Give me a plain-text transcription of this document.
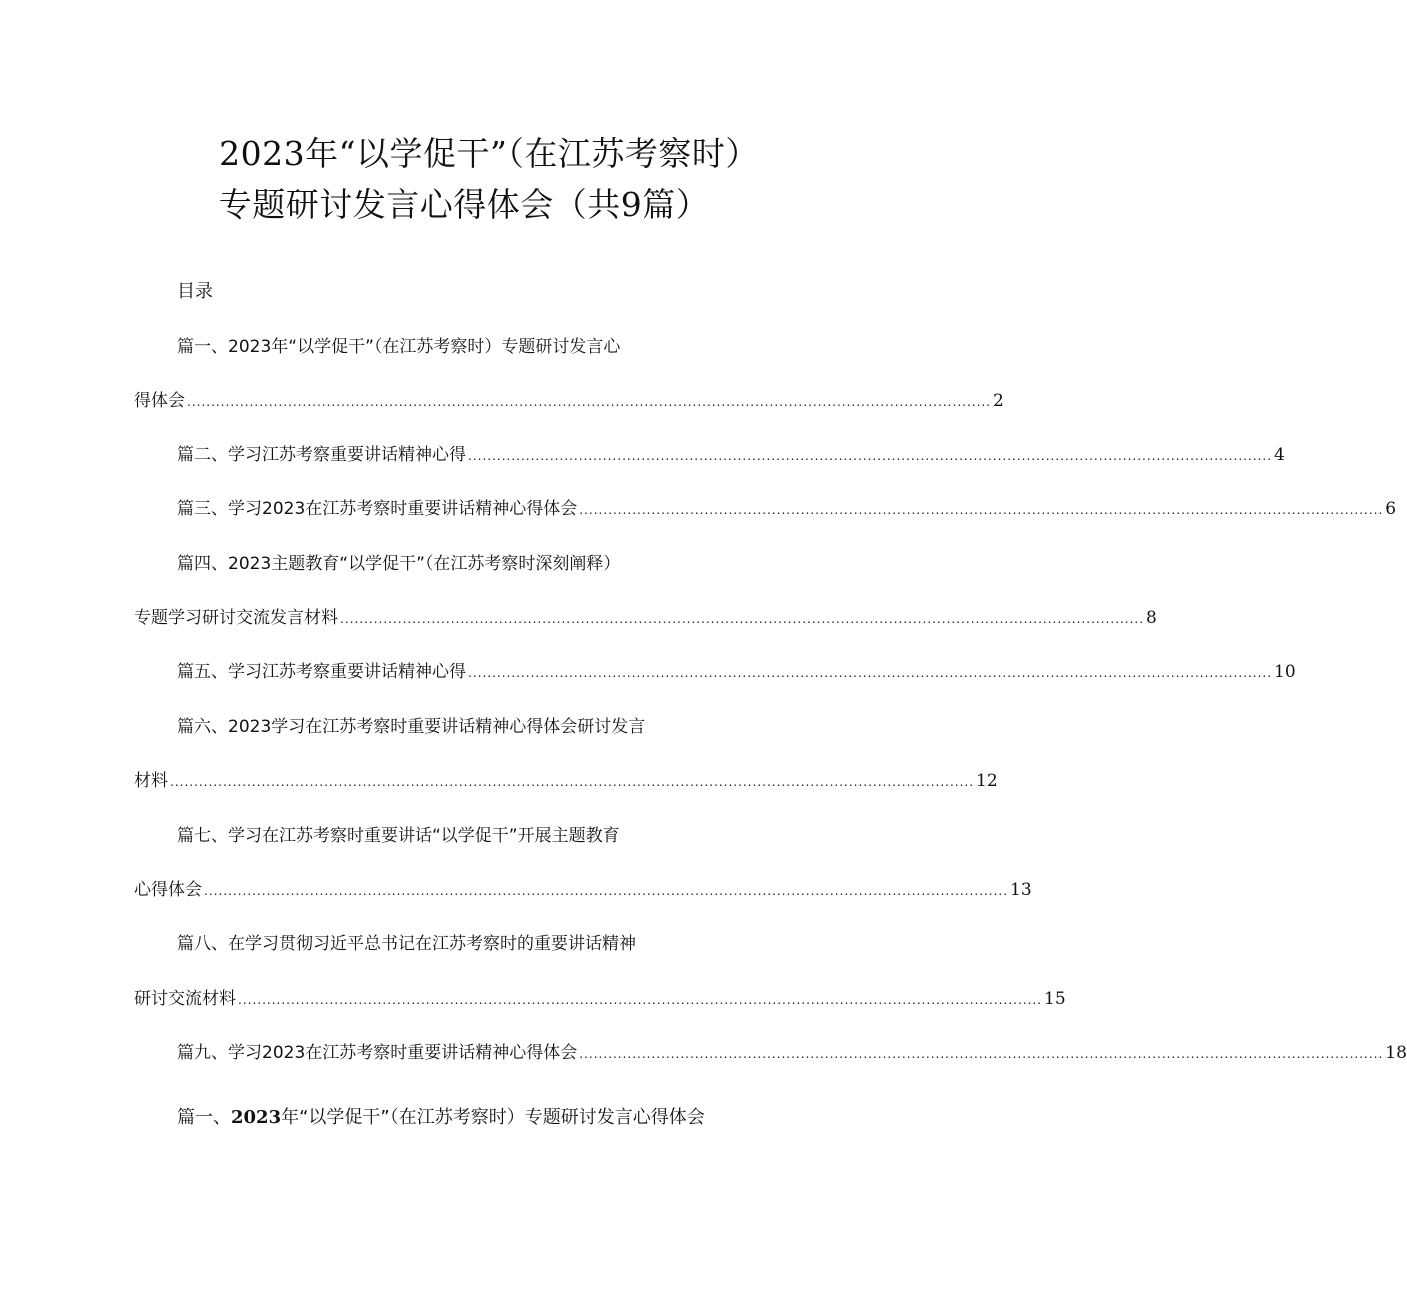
2023年“以学促干”（在江苏考察时）
专题研讨发言心得体会（共9篇）
目录
篇一、2023年“以学促干”（在江苏考察时）专题研讨发言心
得体会 ....................................................................................................................................................................... 2
篇二、学习江苏考察重要讲话精神心得 ....................................................................................................................................................................... 4
篇三、学习2023在江苏考察时重要讲话精神心得体会 ....................................................................................................................................................................... 6
篇四、2023主题教育“以学促干”（在江苏考察时深刻阐释）
专题学习研讨交流发言材料 ....................................................................................................................................................................... 8
篇五、学习江苏考察重要讲话精神心得 ....................................................................................................................................................................... 10
篇六、2023学习在江苏考察时重要讲话精神心得体会研讨发言
材料 ....................................................................................................................................................................... 12
篇七、学习在江苏考察时重要讲话“以学促干”开展主题教育
心得体会 ....................................................................................................................................................................... 13
篇八、在学习贯彻习近平总书记在江苏考察时的重要讲话精神
研讨交流材料 ....................................................................................................................................................................... 15
篇九、学习2023在江苏考察时重要讲话精神心得体会 ....................................................................................................................................................................... 18
篇一、2023年“以学促干”（在江苏考察时）专题研讨发言心得体会
